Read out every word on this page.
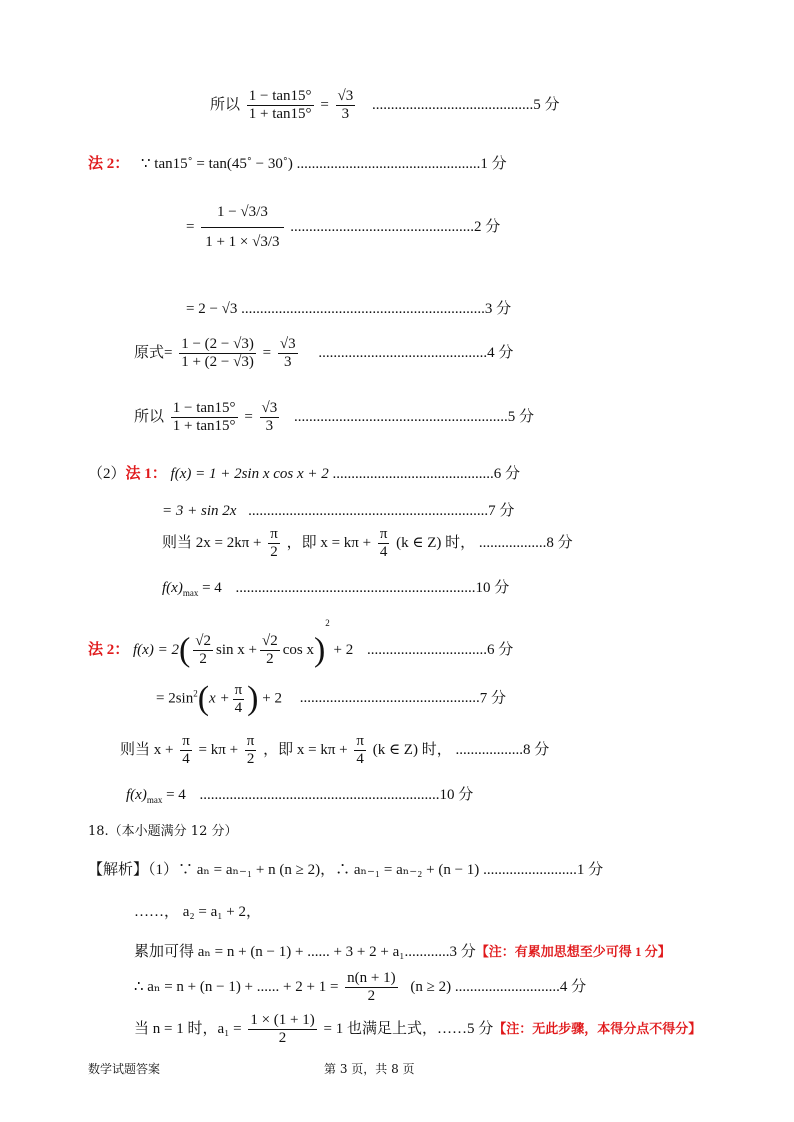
所以 $\frac{1 - \tan 15^\circ}{1 + \tan 15^\circ} = \frac{√3}{3} ...........................................5$ 分
法 2： ∵ tan15˚ = tan(45˚ − 30˚) .................................................1 分
= $\frac{1 - √3/3}{1 + 1 \times √3/3} .................................................2$ 分
= 2 − √3 .................................................................3 分
原式= $\frac{1 - (2 - √3)}{1 + (2 - √3)} = \frac{√3}{3} .............................................4$ 分
所以 $\frac{1 - \tan 15^\circ}{1 + \tan 15^\circ} = \frac{√3}{3} .........................................................5$ 分
（2）法 1： f(x) = 1 + 2sin x cos x + 2 ...........................................6 分
= 3 + sin 2x ................................................................7 分
则当 $2x = 2k\pi + \frac{\pi}{2}$ ，即 $x = k\pi + \frac{\pi}{4} (k$ ∈ Z) 时， ..................8 分
$f(x)_{max} = 4$ ................................................................10 分
法 2： $f(x) = 2( \frac{√2}{2}$ $\sin x + \frac{√2}{2}$ $\cos x)^2 + 2$ ................................6 分
= $2\sin^2(x + \frac{\pi}{4}$ ) + 2 ................................................7 分
则当 $x + \frac{\pi}{4} = k\pi + \frac{\pi}{2}$ ，即 $x = k\pi + \frac{\pi}{4} (k$ ∈ Z) 时， ..................8 分
$f(x)_{max} = 4$ ................................................................10 分
18.（本小题满分 12 分）
【解析】（1）∵ aₙ = aₙ₋₁ + n (n ≥ 2)，∴ aₙ₋₁ = aₙ₋₂ + (n − 1) .........................1 分
……， a₂ = a₁ + 2，
累加可得 aₙ = n + (n − 1) + ...... + 3 + 2 + a₁............3 分【注：有累加思想至少可得 1 分】
∴ aₙ = n + (n − 1) + ...... + $2 + 1 = \frac{n(n + 1)}{2} (n \ge 2)$ ............................4 分
当 n = 1 时，$a_1 = \frac{1 \times (1 + 1)}{2} = 1$ 也满足上式，……5 分【注：无此步骤，本得分点不得分】
数学试题答案	第 3 页，共 8 页
